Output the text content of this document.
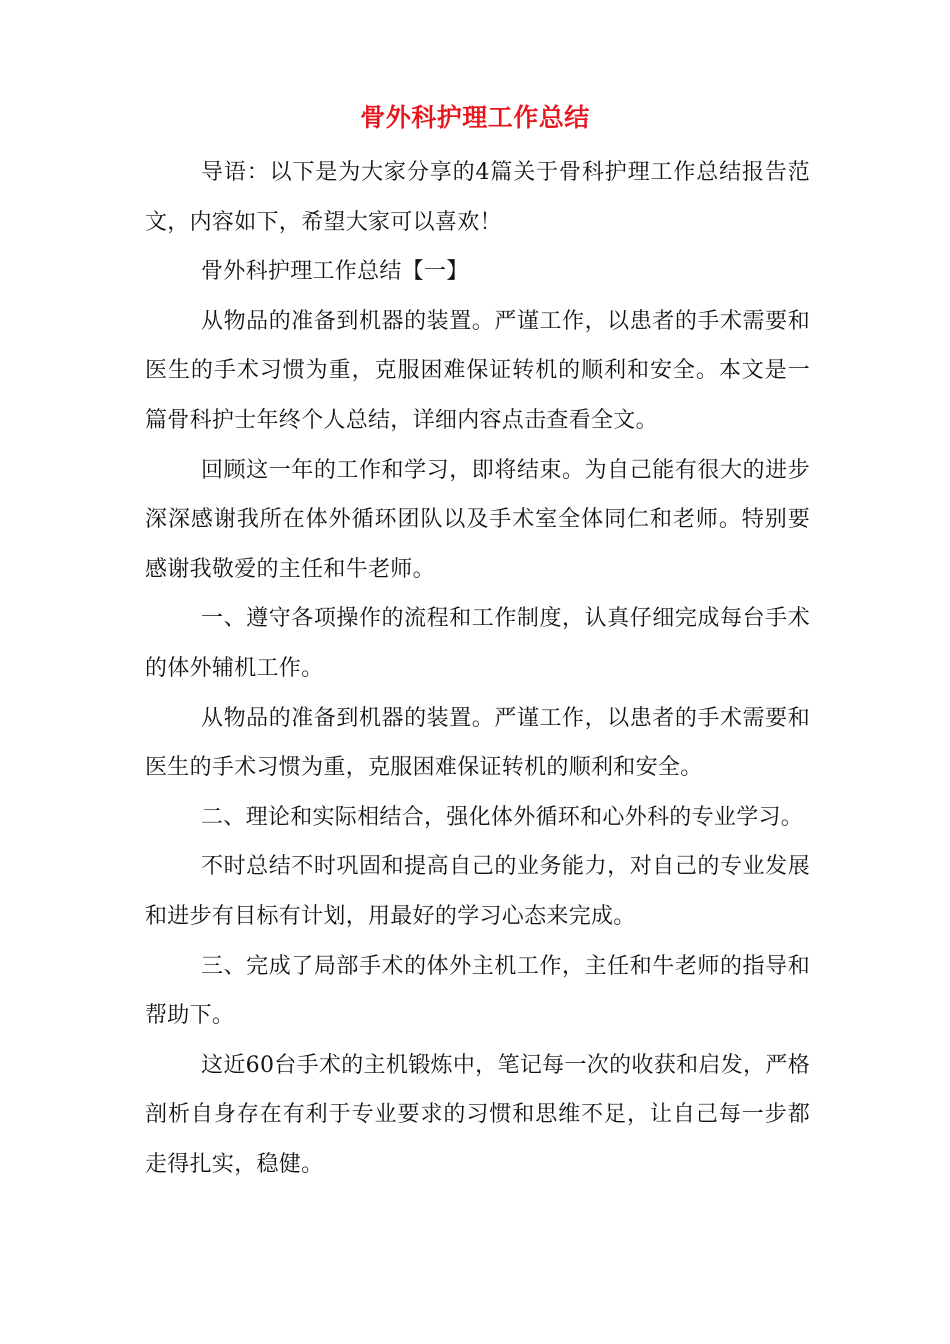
骨外科护理工作总结

导语：以下是为大家分享的4篇关于骨科护理工作总结报告范文，内容如下，希望大家可以喜欢！

骨外科护理工作总结【一】

从物品的准备到机器的装置。严谨工作，以患者的手术需要和医生的手术习惯为重，克服困难保证转机的顺利和安全。本文是一篇骨科护士年终个人总结，详细内容点击查看全文。

回顾这一年的工作和学习，即将结束。为自己能有很大的进步深深感谢我所在体外循环团队以及手术室全体同仁和老师。特别要感谢我敬爱的主任和牛老师。

一、遵守各项操作的流程和工作制度，认真仔细完成每台手术的体外辅机工作。

从物品的准备到机器的装置。严谨工作，以患者的手术需要和医生的手术习惯为重，克服困难保证转机的顺利和安全。

二、理论和实际相结合，强化体外循环和心外科的专业学习。

不时总结不时巩固和提高自己的业务能力，对自己的专业发展和进步有目标有计划，用最好的学习心态来完成。

三、完成了局部手术的体外主机工作，主任和牛老师的指导和帮助下。

这近60台手术的主机锻炼中，笔记每一次的收获和启发，严格剖析自身存在有利于专业要求的习惯和思维不足，让自己每一步都走得扎实，稳健。
